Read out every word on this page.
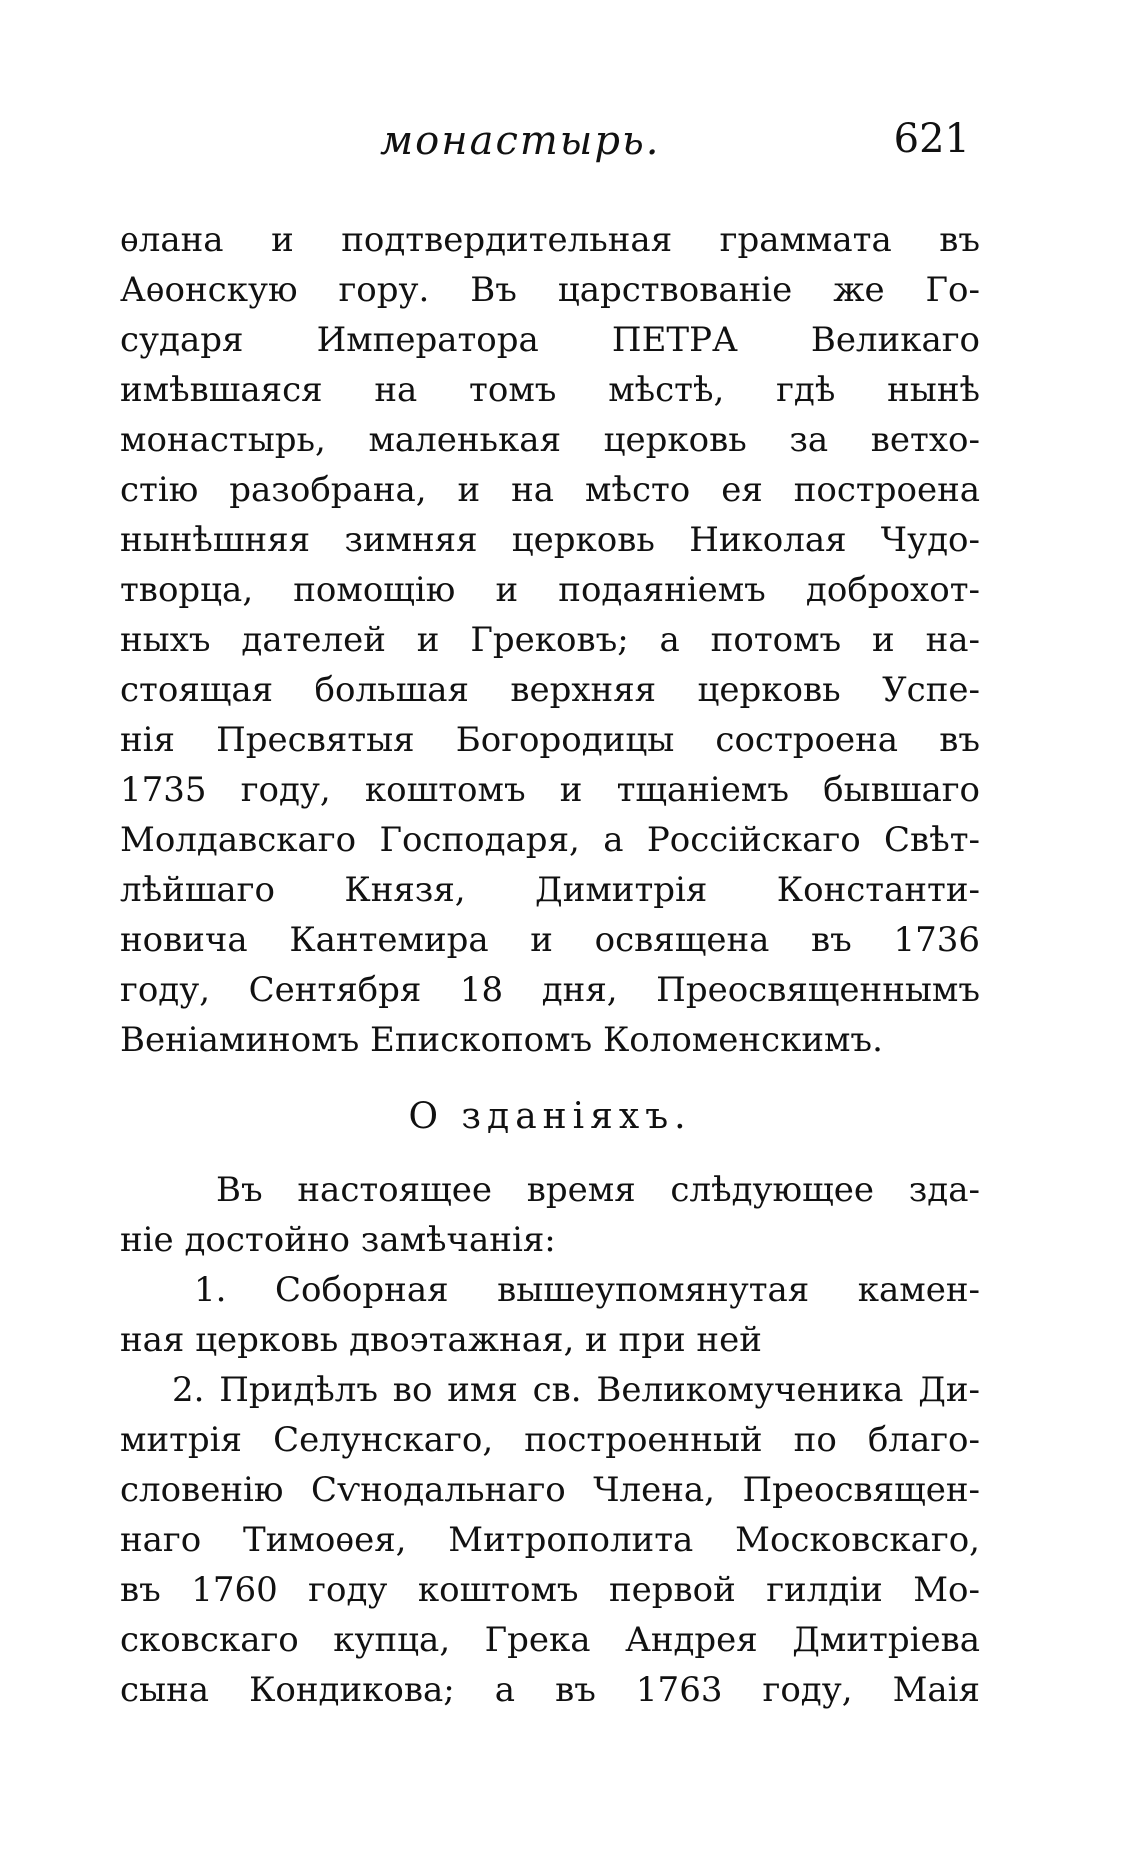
монастырь.	621
ѳлана и подтвердительная граммата въ
Аѳонскую гору. Въ царствованіе же Го-
сударя Императора ПЕТРА Великаго
имѣвшаяся на томъ мѣстѣ, гдѣ нынѣ
монастырь, маленькая церковь за ветхо-
стію разобрана, и на мѣсто ея построена
нынѣшняя зимняя церковь Николая Чудо-
творца, помощію и подаяніемъ доброхот-
ныхъ дателей и Грековъ; а потомъ и на-
стоящая большая верхняя церковь Успе-
нія Пресвятыя Богородицы состроена въ
1735 году, коштомъ и тщаніемъ бывшаго
Молдавскаго Господаря, а Россійскаго Свѣт-
лѣйшаго Князя, Димитрія Константи-
новича Кантемира и освящена въ 1736
году, Сентября 18 дня, Преосвященнымъ
Веніаминомъ Епископомъ Коломенскимъ.
О зданіяхъ.
Въ настоящее время слѣдующее зда-
ніе достойно замѣчанія:
1. Соборная вышеупомянутая камен-
ная церковь двоэтажная, и при ней
2. Придѣлъ во имя св. Великомученика Ди-
митрія Селунскаго, построенный по благо-
словенію Сѵнодальнаго Члена, Преосвящен-
наго Тимоѳея, Митрополита Московскаго,
въ 1760 году коштомъ первой гилдіи Мо-
сковскаго купца, Грека Андрея Дмитріева
сына Кондикова; а въ 1763 году, Маія
